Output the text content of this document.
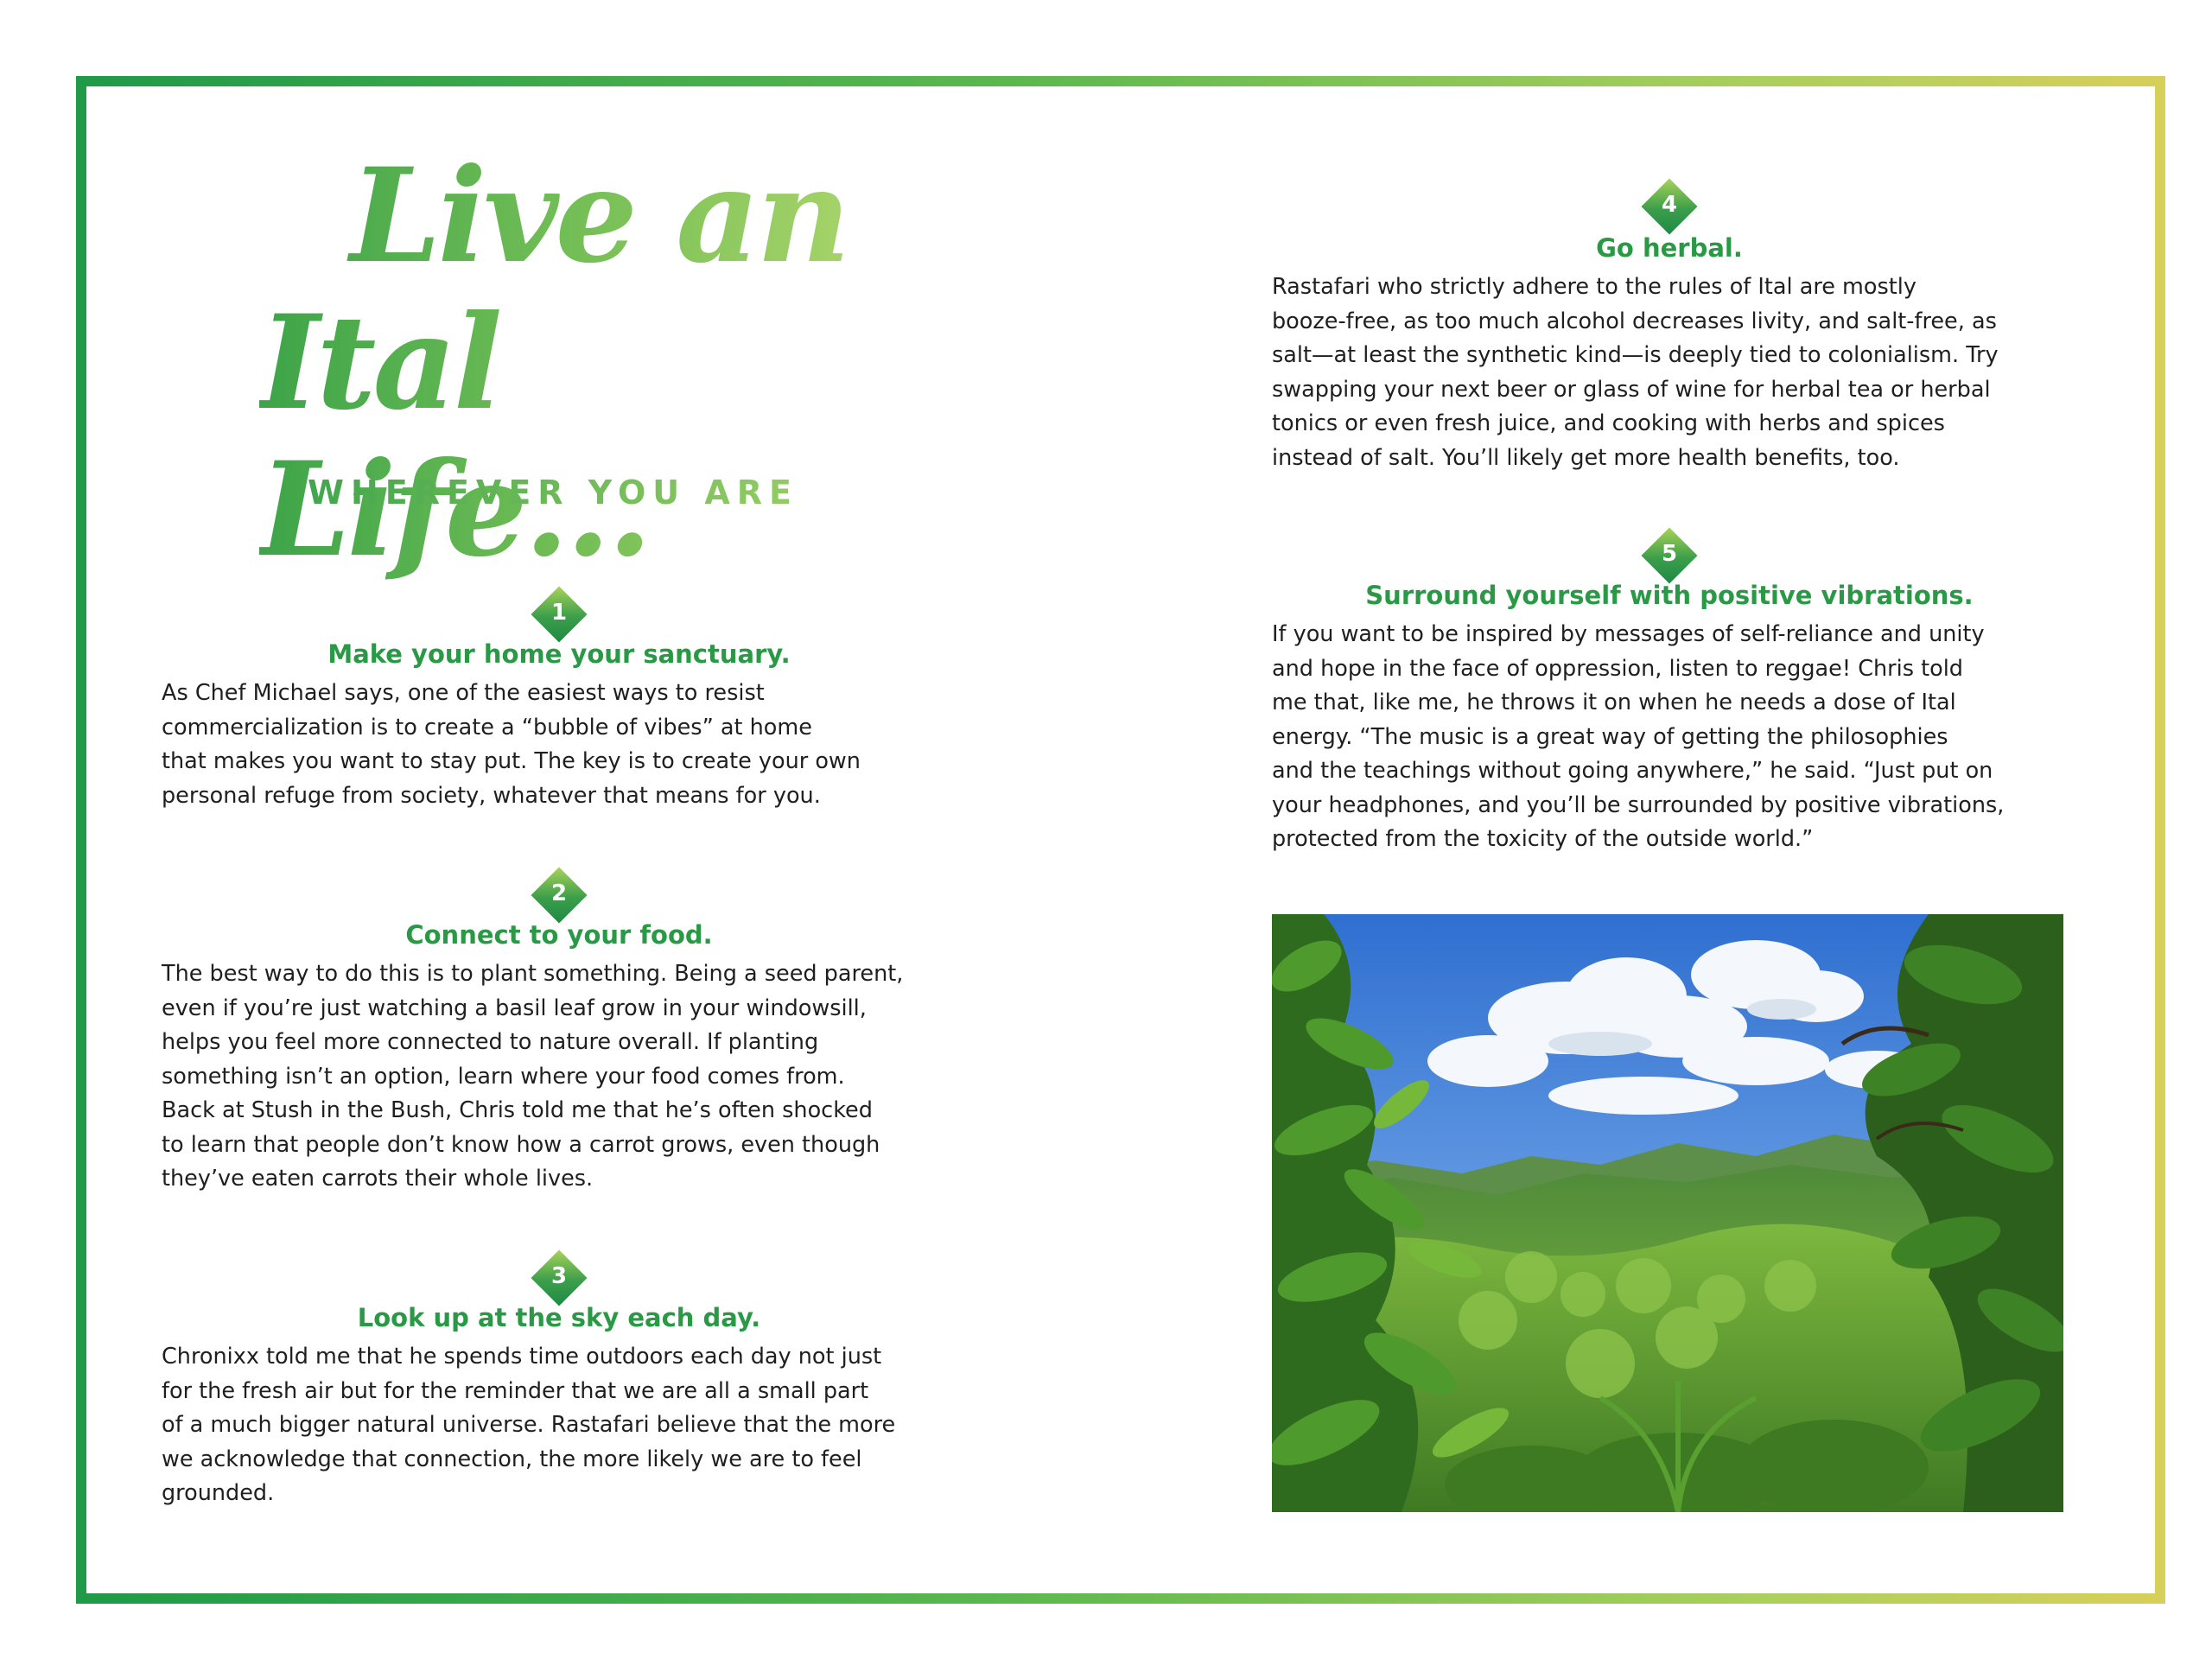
Live an
Ital
WHEREVER YOU ARE
1
Make your home your sanctuary.
As Chef Michael says, one of the easiest ways to resist
commercialization is to create a “bubble of vibes” at home
that makes you want to stay put. The key is to create your own
personal refuge from society, whatever that means for you.
2
Connect to your food.
The best way to do this is to plant something. Being a seed parent,
even if you’re just watching a basil leaf grow in your windowsill,
helps you feel more connected to nature overall. If planting
something isn’t an option, learn where your food comes from.
Back at Stush in the Bush, Chris told me that he’s often shocked
to learn that people don’t know how a carrot grows, even though
they’ve eaten carrots their whole lives.
3
Look up at the sky each day.
Chronixx told me that he spends time outdoors each day not just
for the fresh air but for the reminder that we are all a small part
of a much bigger natural universe. Rastafari believe that the more
we acknowledge that connection, the more likely we are to feel
grounded.
4
Go herbal.
Rastafari who strictly adhere to the rules of Ital are mostly
booze-free, as too much alcohol decreases livity, and salt-free, as
salt—at least the synthetic kind—is deeply tied to colonialism. Try
swapping your next beer or glass of wine for herbal tea or herbal
tonics or even fresh juice, and cooking with herbs and spices
instead of salt. You’ll likely get more health benefits, too.
5
Surround yourself with positive vibrations.
If you want to be inspired by messages of self-reliance and unity
and hope in the face of oppression, listen to reggae! Chris told
me that, like me, he throws it on when he needs a dose of Ital
energy. “The music is a great way of getting the philosophies
and the teachings without going anywhere,” he said. “Just put on
your headphones, and you’ll be surrounded by positive vibrations,
protected from the toxicity of the outside world.”
